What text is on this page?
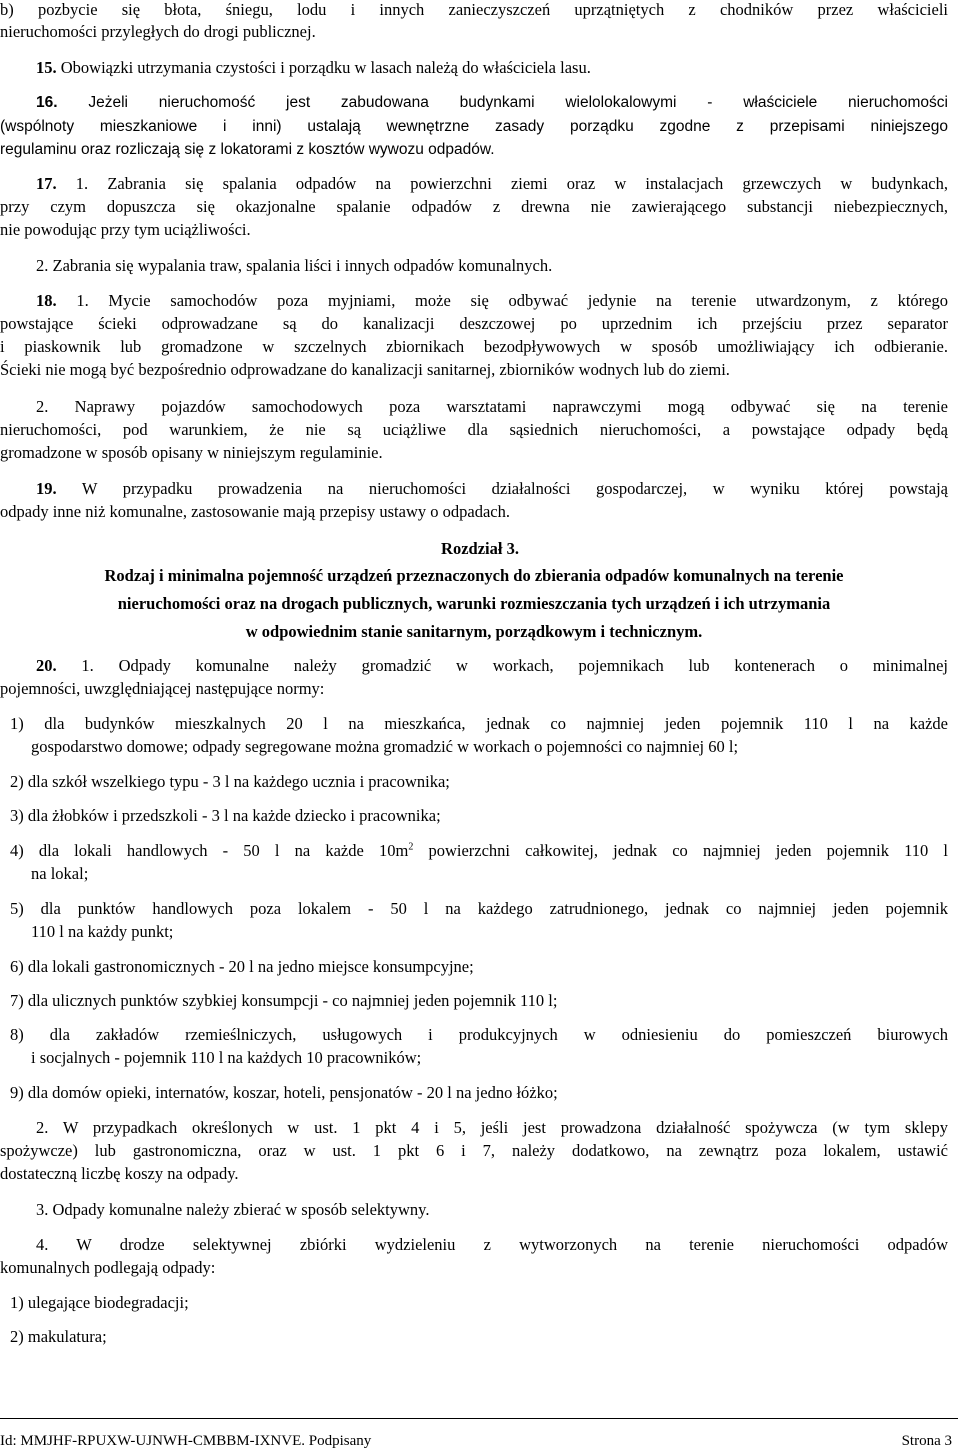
b) pozbycie się błota, śniegu, lodu i innych zanieczyszczeń uprzątniętych z chodników przez właścicieli
nieruchomości przyległych do drogi publicznej.
15. Obowiązki utrzymania czystości i porządku w lasach należą do właściciela lasu.
16. Jeżeli nieruchomość jest zabudowana budynkami wielolokalowymi - właściciele nieruchomości
(wspólnoty mieszkaniowe i inni) ustalają wewnętrzne zasady porządku zgodne z przepisami niniejszego
regulaminu oraz rozliczają się z lokatorami z kosztów wywozu odpadów.
17. 1. Zabrania się spalania odpadów na powierzchni ziemi oraz w instalacjach grzewczych w budynkach,
przy czym dopuszcza się okazjonalne spalanie odpadów z drewna nie zawierającego substancji niebezpiecznych,
nie powodując przy tym uciążliwości.
2. Zabrania się wypalania traw, spalania liści i innych odpadów komunalnych.
18. 1. Mycie samochodów poza myjniami, może się odbywać jedynie na terenie utwardzonym, z którego
powstające ścieki odprowadzane są do kanalizacji deszczowej po uprzednim ich przejściu przez separator
i piaskownik lub gromadzone w szczelnych zbiornikach bezodpływowych w sposób umożliwiający ich odbieranie.
Ścieki nie mogą być bezpośrednio odprowadzane do kanalizacji sanitarnej, zbiorników wodnych lub do ziemi.
2. Naprawy pojazdów samochodowych poza warsztatami naprawczymi mogą odbywać się na terenie
nieruchomości, pod warunkiem, że nie są uciążliwe dla sąsiednich nieruchomości, a powstające odpady będą
gromadzone w sposób opisany w niniejszym regulaminie.
19. W przypadku prowadzenia na nieruchomości działalności gospodarczej, w wyniku której powstają
odpady inne niż komunalne, zastosowanie mają przepisy ustawy o odpadach.
Rozdział 3.
Rodzaj i minimalna pojemność urządzeń przeznaczonych do zbierania odpadów komunalnych na terenie
nieruchomości oraz na drogach publicznych, warunki rozmieszczania tych urządzeń i ich utrzymania
w odpowiednim stanie sanitarnym, porządkowym i technicznym.
20. 1. Odpady komunalne należy gromadzić w workach, pojemnikach lub kontenerach o minimalnej
pojemności, uwzględniającej następujące normy:
1) dla budynków mieszkalnych 20 l na mieszkańca, jednak co najmniej jeden pojemnik 110 l na każde
gospodarstwo domowe; odpady segregowane można gromadzić w workach o pojemności co najmniej 60 l;
2) dla szkół wszelkiego typu - 3 l na każdego ucznia i pracownika;
3) dla żłobków i przedszkoli - 3 l na każde dziecko i pracownika;
4) dla lokali handlowych - 50 l na każde $10m^2$ powierzchni całkowitej, jednak co najmniej jeden pojemnik 110 l
na lokal;
5) dla punktów handlowych poza lokalem - 50 l na każdego zatrudnionego, jednak co najmniej jeden pojemnik
110 l na każdy punkt;
6) dla lokali gastronomicznych - 20 l na jedno miejsce konsumpcyjne;
7) dla ulicznych punktów szybkiej konsumpcji - co najmniej jeden pojemnik 110 l;
8) dla zakładów rzemieślniczych, usługowych i produkcyjnych w odniesieniu do pomieszczeń biurowych
i socjalnych - pojemnik 110 l na każdych 10 pracowników;
9) dla domów opieki, internatów, koszar, hoteli, pensjonatów - 20 l na jedno łóżko;
2. W przypadkach określonych w ust. 1 pkt 4 i 5, jeśli jest prowadzona działalność spożywcza (w tym sklepy
spożywcze) lub gastronomiczna, oraz w ust. 1 pkt 6 i 7, należy dodatkowo, na zewnątrz poza lokalem, ustawić
dostateczną liczbę koszy na odpady.
3. Odpady komunalne należy zbierać w sposób selektywny.
4. W drodze selektywnej zbiórki wydzieleniu z wytworzonych na terenie nieruchomości odpadów
komunalnych podlegają odpady:
1) ulegające biodegradacji;
2) makulatura;
Id: MMJHF-RPUXW-UJNWH-CMBBM-IXNVE. Podpisany	Strona 3
